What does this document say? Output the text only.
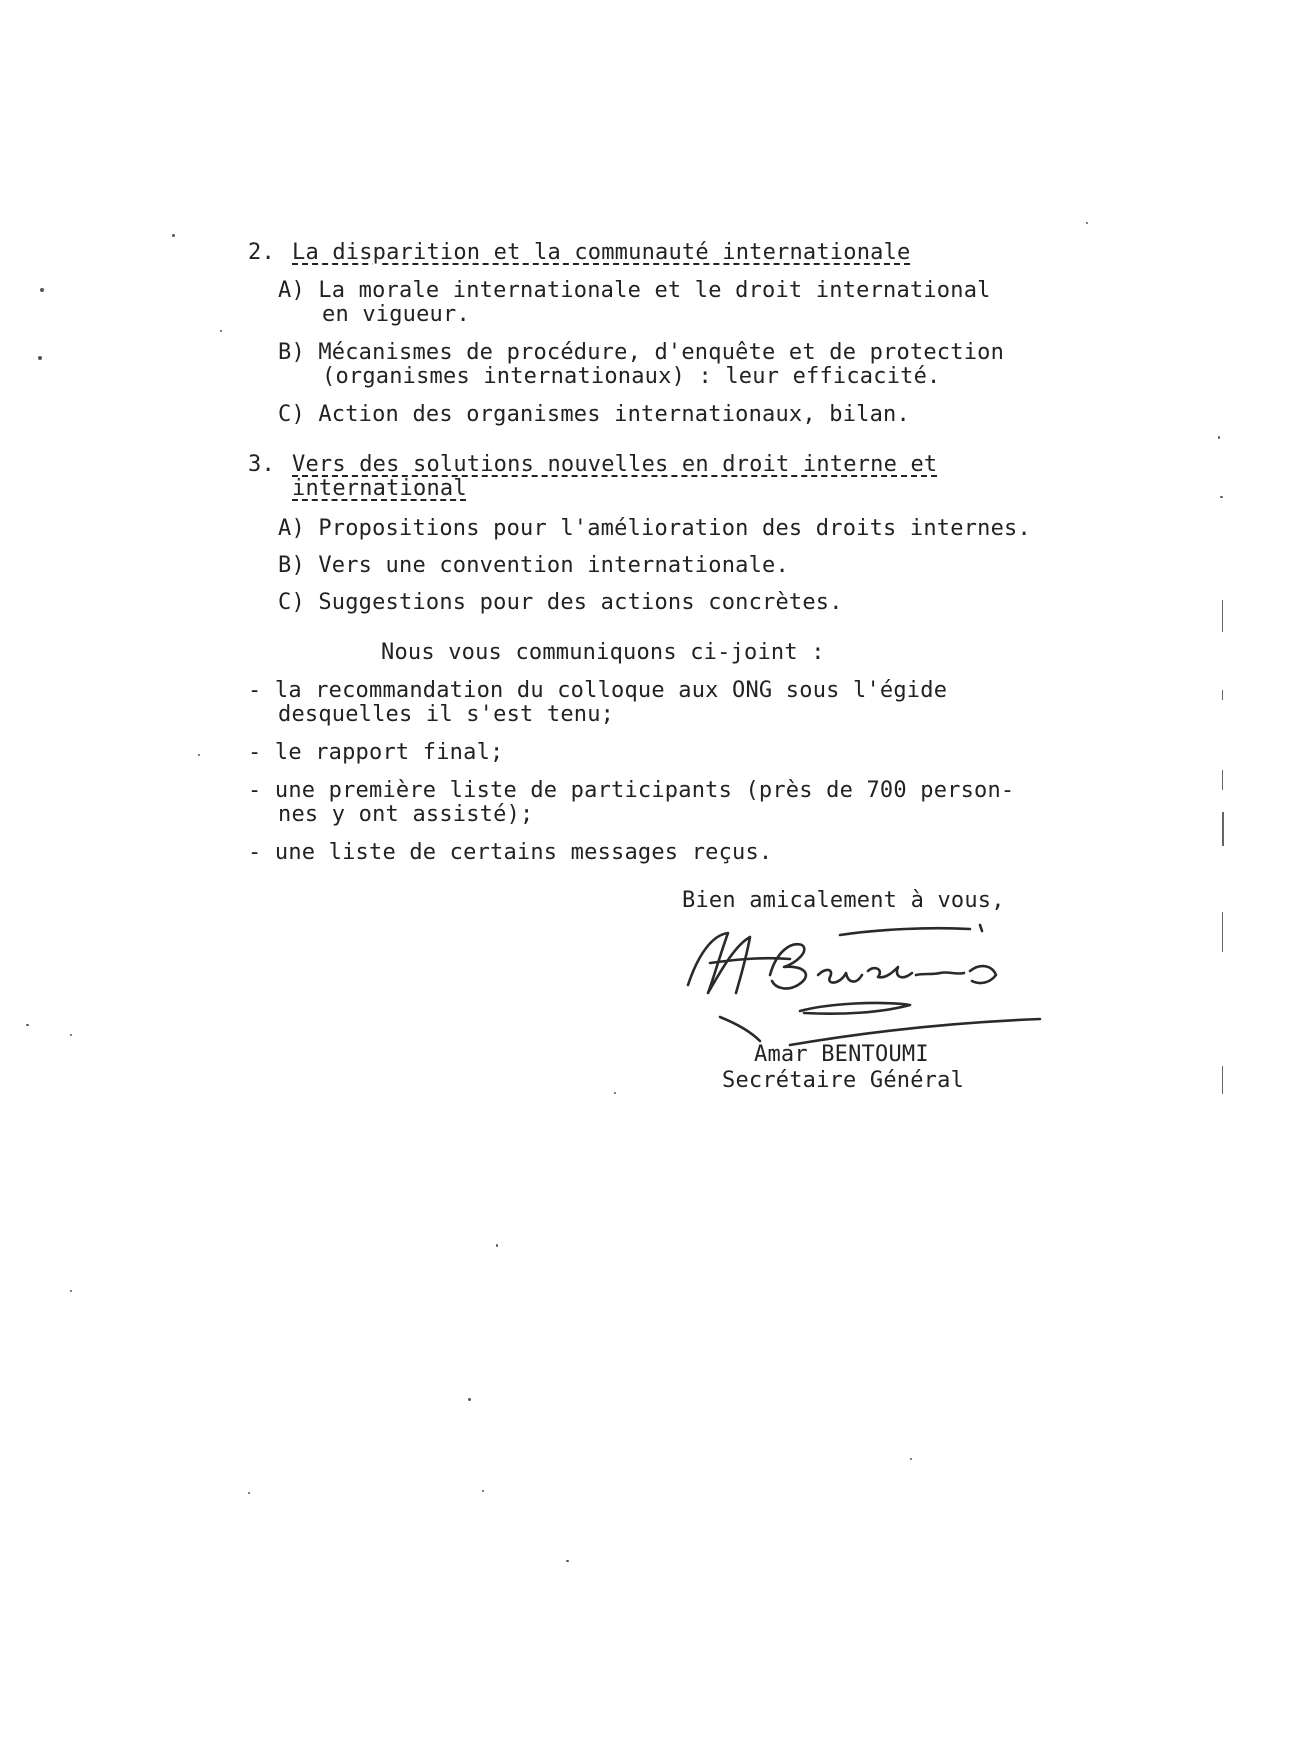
2. La disparition et la communauté internationale
A) La morale internationale et le droit international
en vigueur.
B) Mécanismes de procédure, d'enquête et de protection
(organismes internationaux) : leur efficacité.
C) Action des organismes internationaux, bilan.
3. Vers des solutions nouvelles en droit interne et
international
A) Propositions pour l'amélioration des droits internes.
B) Vers une convention internationale.
C) Suggestions pour des actions concrètes.
Nous vous communiquons ci-joint :
- la recommandation du colloque aux ONG sous l'égide
desquelles il s'est tenu;
- le rapport final;
- une première liste de participants (près de 700 person-
nes y ont assisté);
- une liste de certains messages reçus.
Bien amicalement à vous,
Amar BENTOUMI
Secrétaire Général
